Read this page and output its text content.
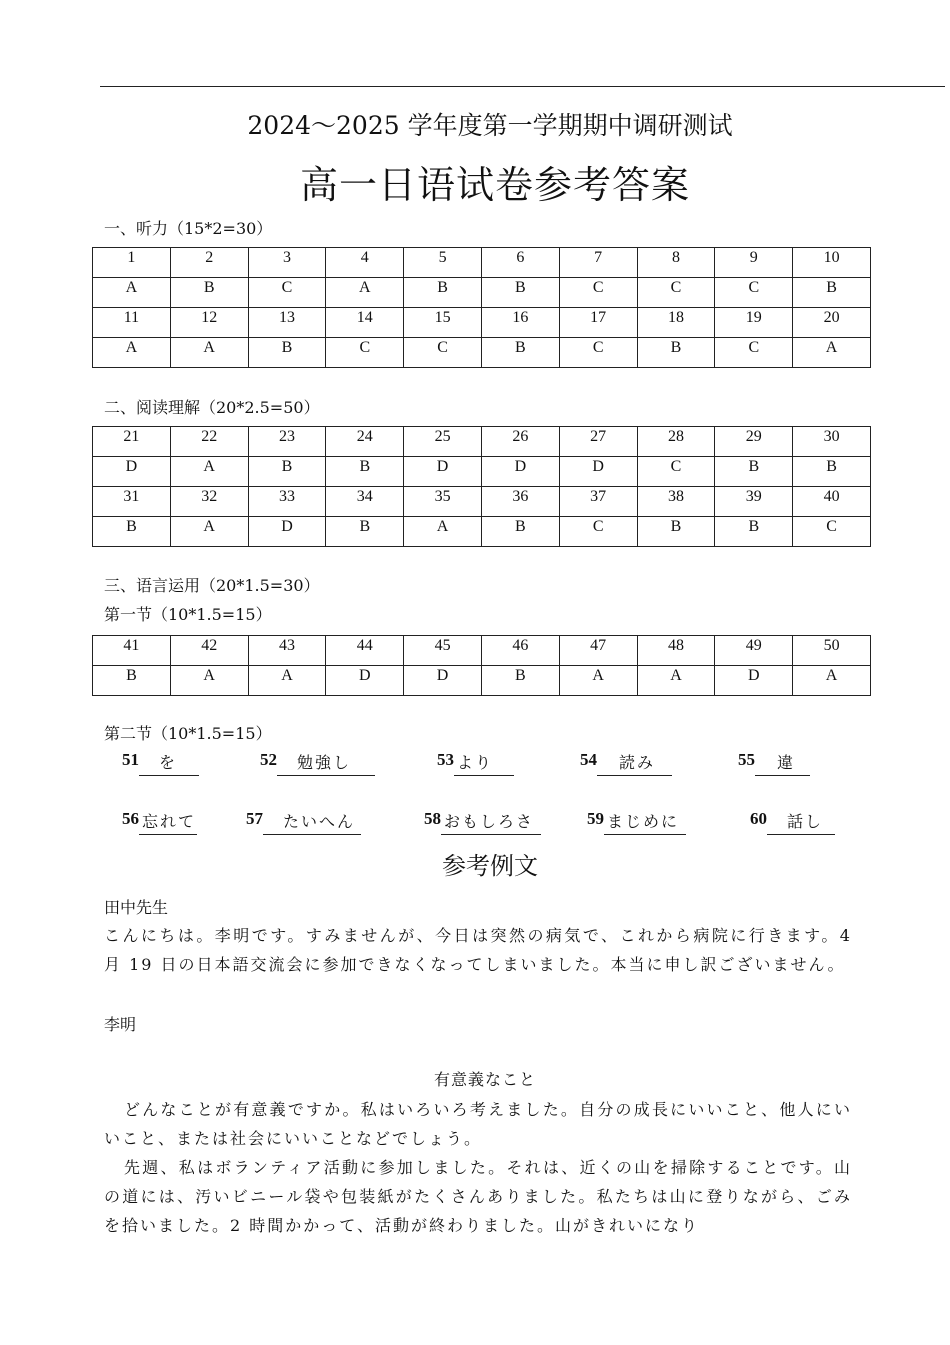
2024～2025 学年度第一学期期中调研测试
高一日语试卷参考答案
一、听力（15*2=30）
1	2	3	4	5	6	7	8	9	10
A	B	C	A	B	B	C	C	C	B
11	12	13	14	15	16	17	18	19	20
A	A	B	C	C	B	C	B	C	A
二、阅读理解（20*2.5=50）
21	22	23	24	25	26	27	28	29	30
D	A	B	B	D	D	D	C	B	B
31	32	33	34	35	36	37	38	39	40
B	A	D	B	A	B	C	B	B	C
三、语言运用（20*1.5=30）
第一节（10*1.5=15）
41	42	43	44	45	46	47	48	49	50
B	A	A	D	D	B	A	A	D	A
第二节（10*1.5=15）
51 を	52 勉強し	53 より	54 読み	55 違
56 忘れて	57 たいへん	58 おもしろさ	59 まじめに	60 話し
参考例文
田中先生
こんにちは。李明です。すみませんが、今日は突然の病気で、これから病院に行きます。4 月 19 日の日本語交流会に参加できなくなってしまいました。本当に申し訳ございません。
李明
有意義なこと
どんなことが有意義ですか。私はいろいろ考えました。自分の成長にいいこと、他人にいいこと、または社会にいいことなどでしょう。
先週、私はボランティア活動に参加しました。それは、近くの山を掃除することです。山の道には、汚いビニール袋や包装紙がたくさんありました。私たちは山に登りながら、ごみを拾いました。2 時間かかって、活動が終わりました。山がきれいになり
